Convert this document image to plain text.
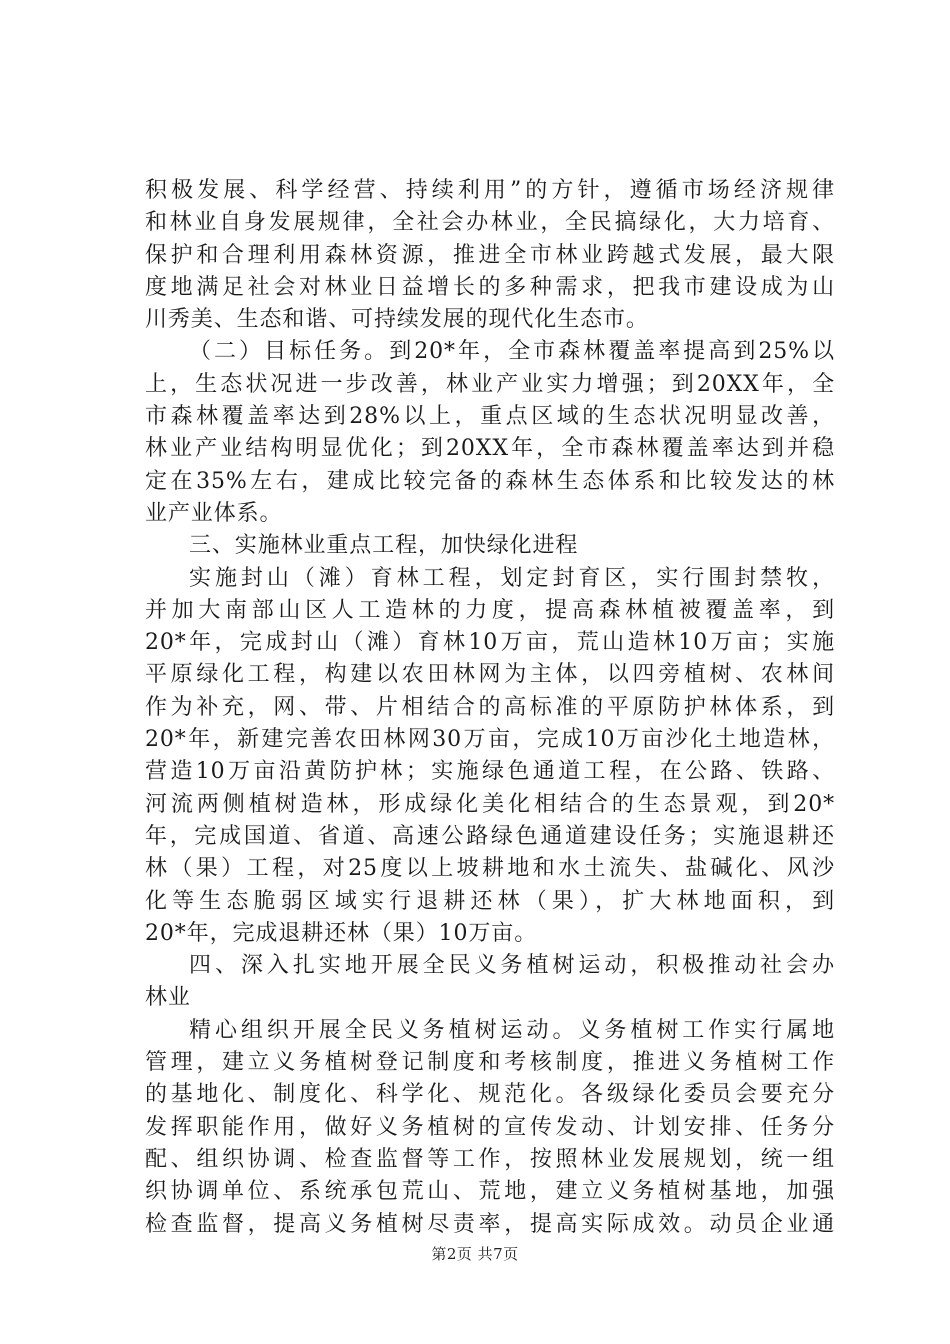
积极发展、科学经营、持续利用”的方针，遵循市场经济规律
和林业自身发展规律，全社会办林业，全民搞绿化，大力培育、
保护和合理利用森林资源，推进全市林业跨越式发展，最大限
度地满足社会对林业日益增长的多种需求，把我市建设成为山
川秀美、生态和谐、可持续发展的现代化生态市。
（二）目标任务。到20*年，全市森林覆盖率提高到25%以
上，生态状况进一步改善，林业产业实力增强；到20XX年，全
市森林覆盖率达到28%以上，重点区域的生态状况明显改善，
林业产业结构明显优化；到20XX年，全市森林覆盖率达到并稳
定在35%左右，建成比较完备的森林生态体系和比较发达的林
业产业体系。
三、实施林业重点工程，加快绿化进程
实施封山（滩）育林工程，划定封育区，实行围封禁牧，
并加大南部山区人工造林的力度，提高森林植被覆盖率，到
20*年，完成封山（滩）育林10万亩，荒山造林10万亩；实施
平原绿化工程，构建以农田林网为主体，以四旁植树、农林间
作为补充，网、带、片相结合的高标准的平原防护林体系，到
20*年，新建完善农田林网30万亩，完成10万亩沙化土地造林，
营造10万亩沿黄防护林；实施绿色通道工程，在公路、铁路、
河流两侧植树造林，形成绿化美化相结合的生态景观，到20*
年，完成国道、省道、高速公路绿色通道建设任务；实施退耕还
林（果）工程，对25度以上坡耕地和水土流失、盐碱化、风沙
化等生态脆弱区域实行退耕还林（果），扩大林地面积，到
20*年，完成退耕还林（果）10万亩。
四、深入扎实地开展全民义务植树运动，积极推动社会办
林业
精心组织开展全民义务植树运动。义务植树工作实行属地
管理，建立义务植树登记制度和考核制度，推进义务植树工作
的基地化、制度化、科学化、规范化。各级绿化委员会要充分
发挥职能作用，做好义务植树的宣传发动、计划安排、任务分
配、组织协调、检查监督等工作，按照林业发展规划，统一组
织协调单位、系统承包荒山、荒地，建立义务植树基地，加强
检查监督，提高义务植树尽责率，提高实际成效。动员企业通
第2页 共7页
